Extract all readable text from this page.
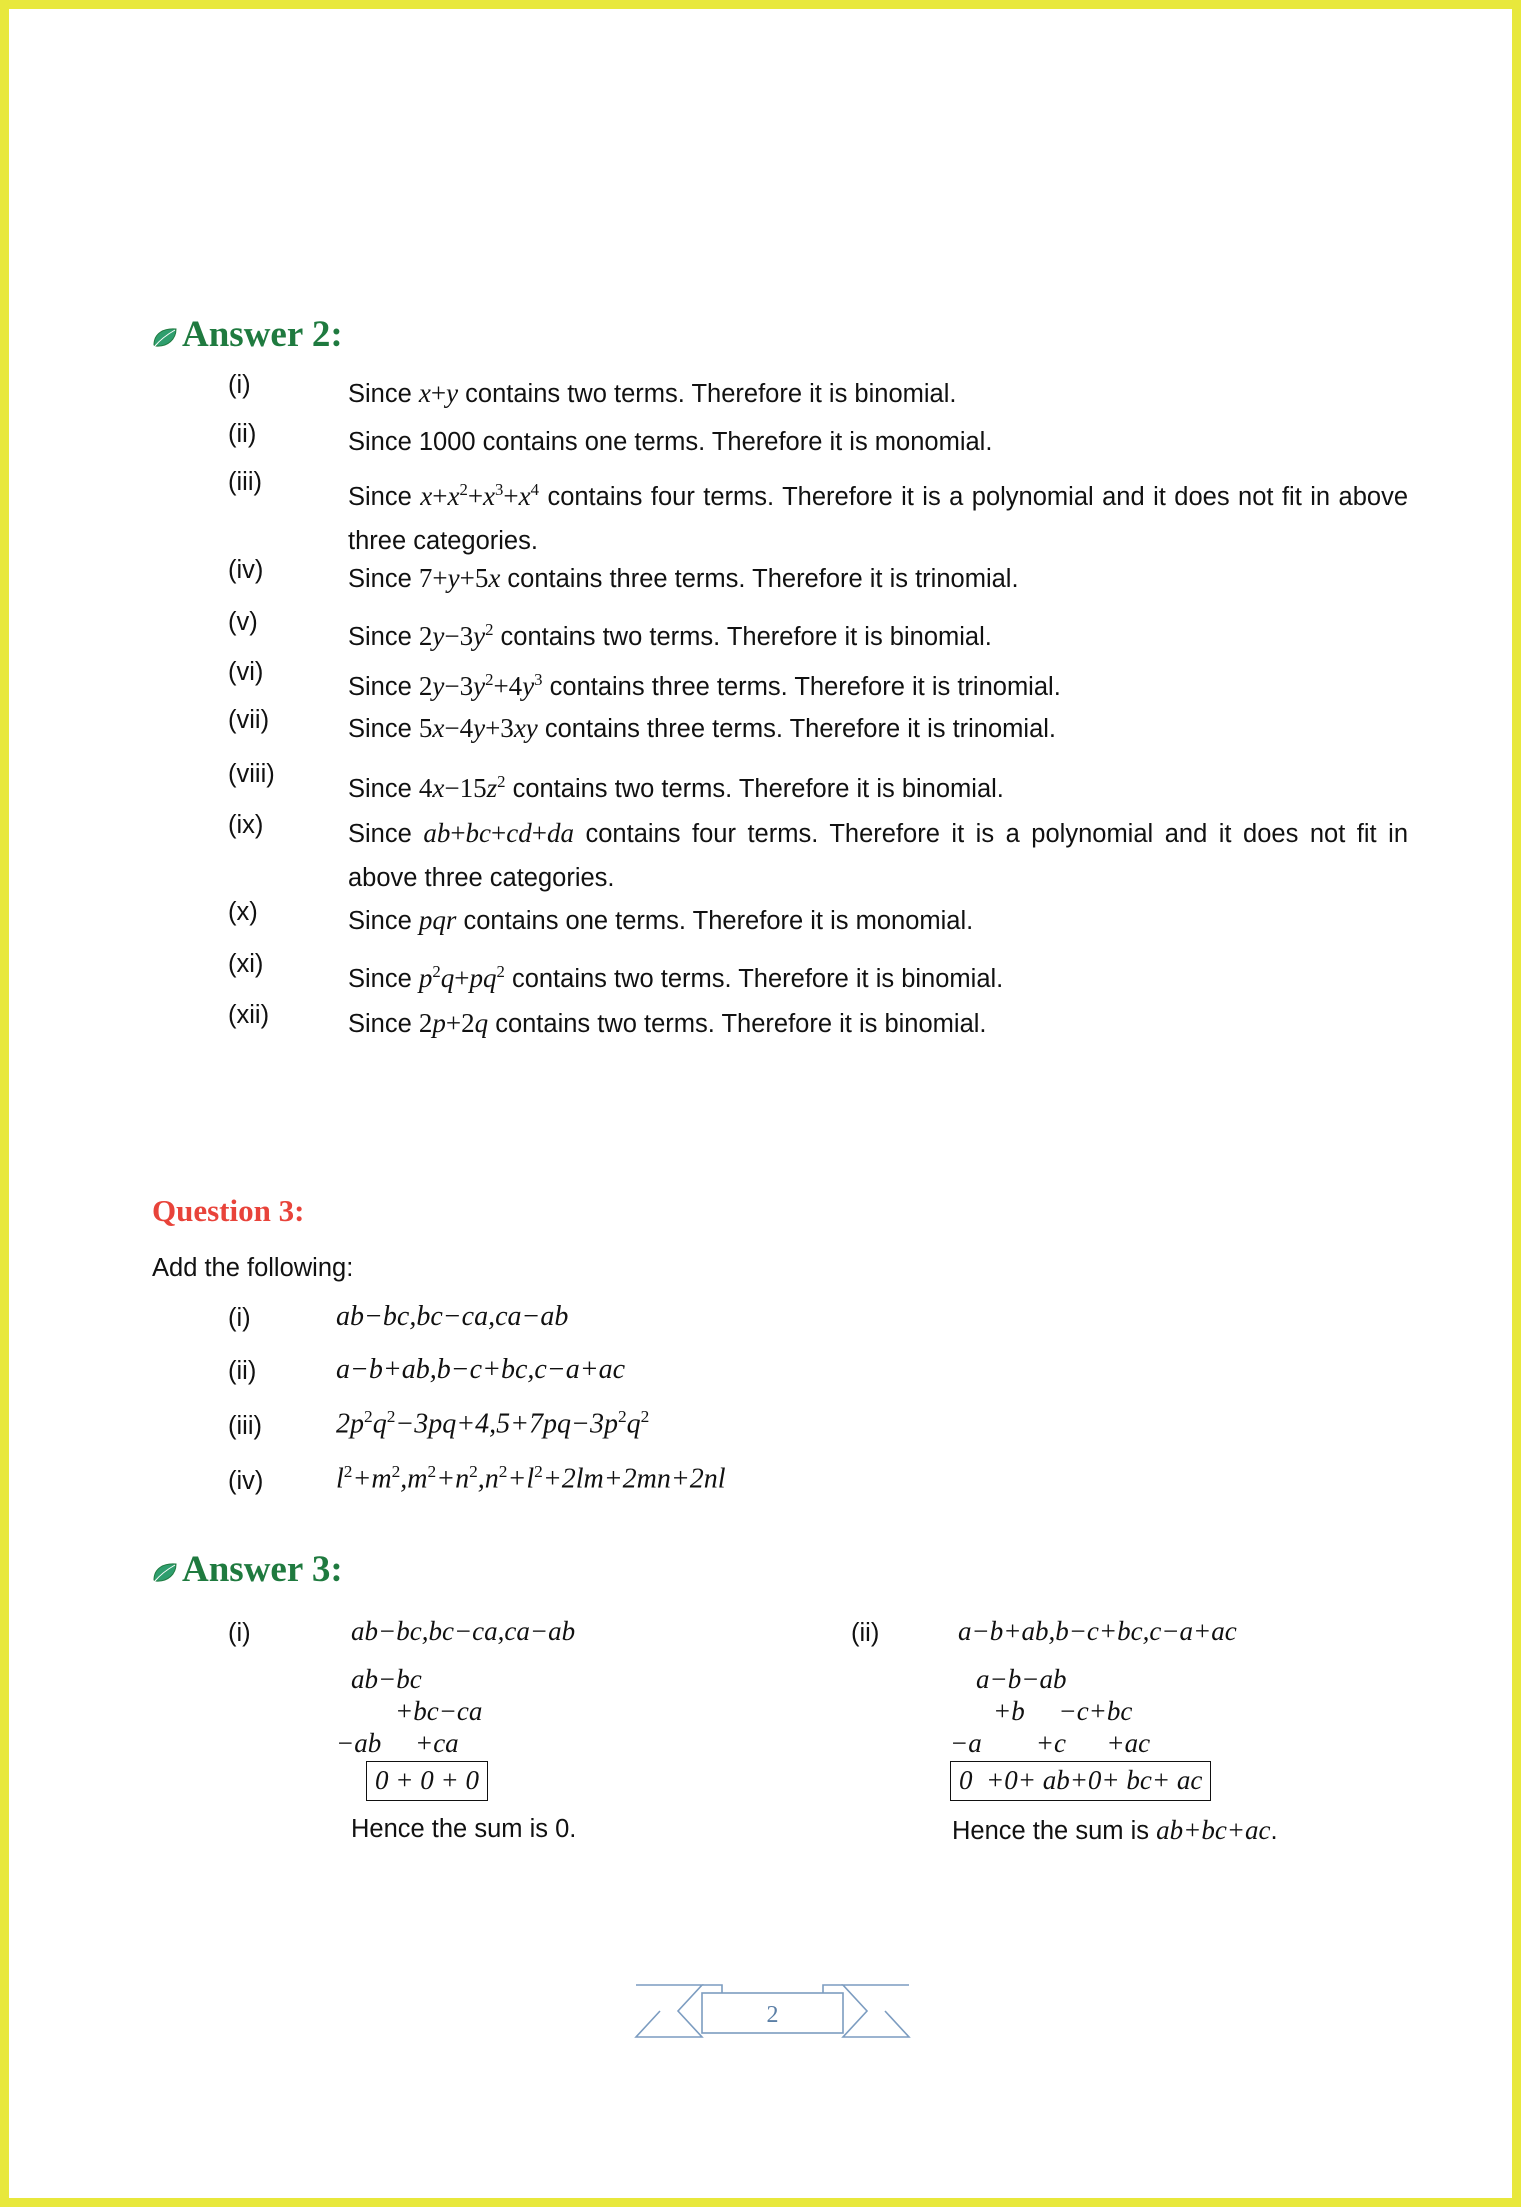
Answer 2:
(i)	Since x+y contains two terms. Therefore it is binomial.
(ii)	Since 1000 contains one terms. Therefore it is monomial.
(iii)
Since $x+x^2+x^3+x^4$ contains four terms. Therefore it is a polynomial and it does not fit in above three categories.
(iv)	Since 7+y+5x contains three terms. Therefore it is trinomial.
(v)
Since $2y-3y^2$ contains two terms. Therefore it is binomial.
(vi)
Since $2y-3y^2+4y^3$ contains three terms. Therefore it is trinomial.
(vii)	Since 5x−4y+3xy contains three terms. Therefore it is trinomial.
(viii)
Since $4x-15z^2$ contains two terms. Therefore it is binomial.
(ix)	Since ab+bc+cd+da contains four terms. Therefore it is a polynomial and it does not fit in above three categories.
(x)	Since pqr contains one terms. Therefore it is monomial.
(xi)
Since $p^2q+pq^2$ contains two terms. Therefore it is binomial.
(xii)	Since 2p+2q contains two terms. Therefore it is binomial.
Question 3:
Add the following:
(i)	ab−bc,bc−ca,ca−ab
(ii)	a−b+ab,b−c+bc,c−a+ac
(iii)	$2p^2q^2-3pq+4,5+7pq-3p^2q^2$
(iv)	$l^2+m^2,m^2+n^2,n^2+l^2+2lm+2mn+2nl$
Answer 3:
(i)	ab−bc,bc−ca,ca−ab
ab−bc
+bc−ca
−ab     +ca
0 + 0 + 0
Hence the sum is 0.
(ii)	a−b+ab,b−c+bc,c−a+ac
a−b−ab
+b     −c+bc
−a        +c      +ac
0  +0+ ab+0+ bc+ ac
Hence the sum is ab+bc+ac.
2
